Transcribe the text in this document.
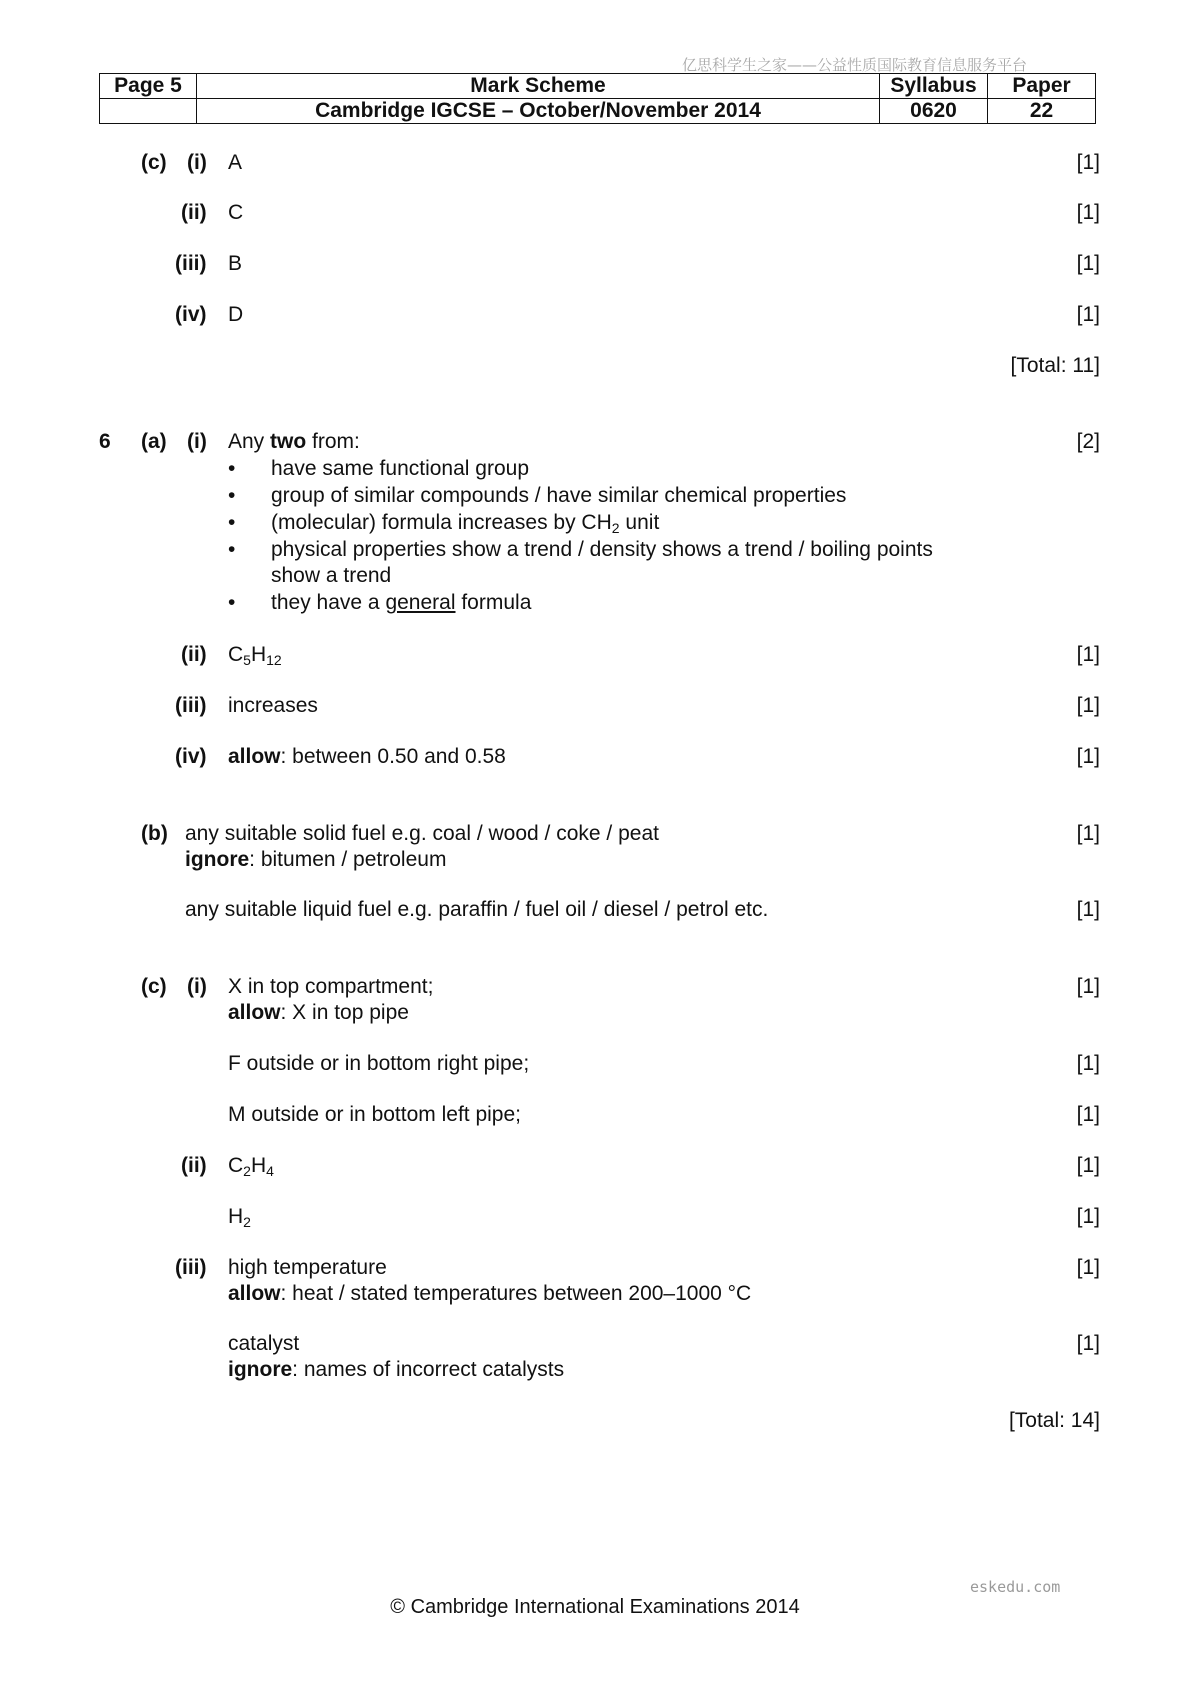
亿思科学生之家——公益性质国际教育信息服务平台
Page 5	Mark Scheme	Syllabus	Paper
	Cambridge IGCSE – October/November 2014	0620	22
(c) (i) A	[1]
(ii) C	[1]
(iii) B	[1]
(iv) D	[1]
[Total: 11]
6 (a) (i) Any two from:	[2]
• have same functional group
• group of similar compounds / have similar chemical properties
• (molecular) formula increases by $CH_2$ unit
• physical properties show a trend / density shows a trend / boiling points
show a trend
• they have a general formula
(ii) $C_5H_{12}$	[1]
(iii) increases	[1]
(iv) allow: between 0.50 and 0.58	[1]
(b) any suitable solid fuel e.g. coal / wood / coke / peat
ignore: bitumen / petroleum
[1]
any suitable liquid fuel e.g. paraffin / fuel oil / diesel / petrol etc.	[1]
(c) (i) X in top compartment;
allow: X in top pipe
[1]
F outside or in bottom right pipe;	[1]
M outside or in bottom left pipe;	[1]
(ii) $C_2H_4$	[1]
$H_2$	[1]
(iii) high temperature
allow: heat / stated temperatures between 200–1000 °C
[1]
catalyst
ignore: names of incorrect catalysts
[1]
[Total: 14]
eskedu.com
© Cambridge International Examinations 2014
